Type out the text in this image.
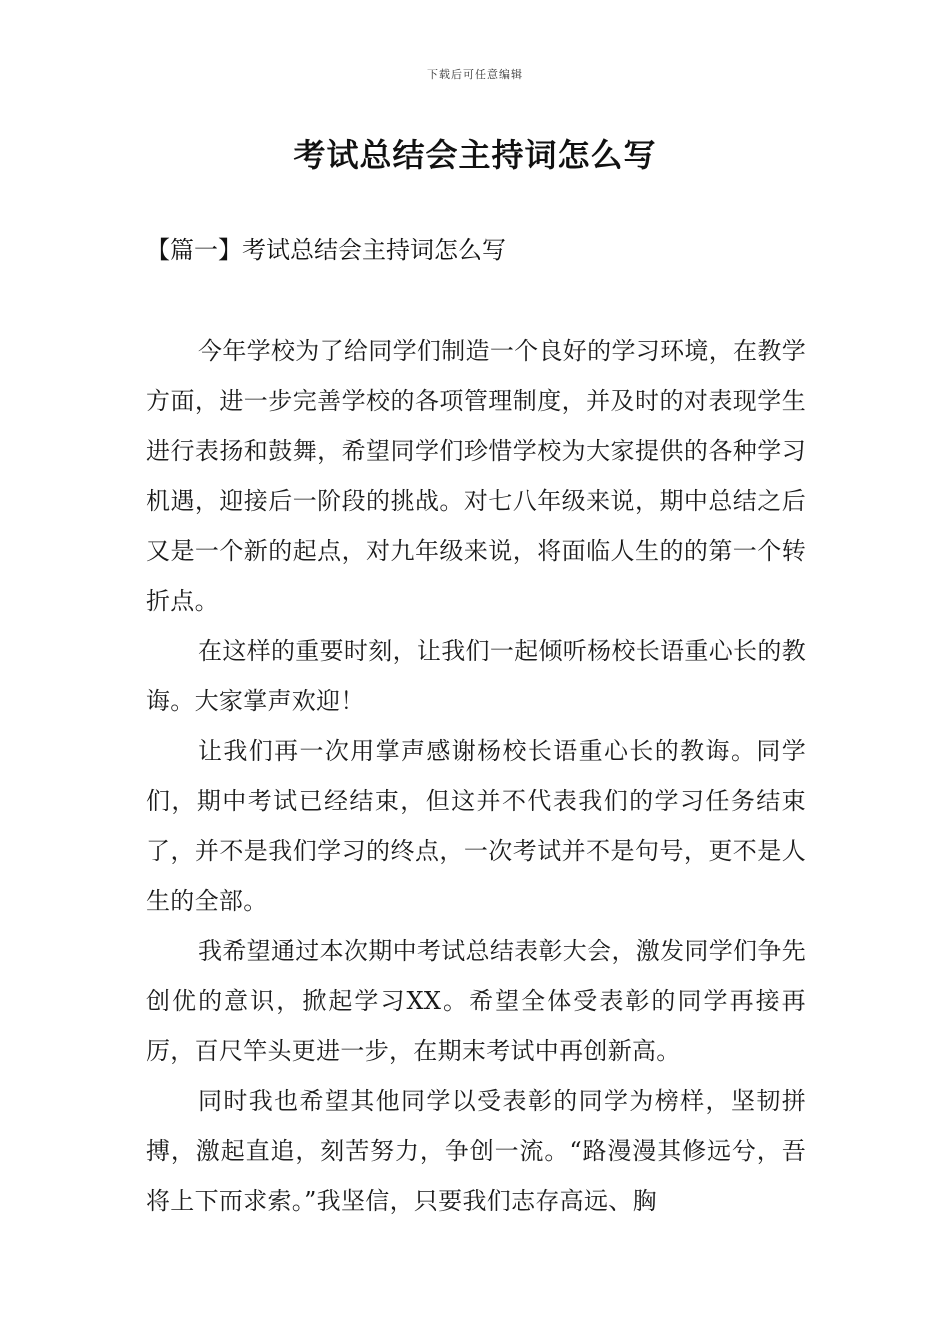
下载后可任意编辑
考试总结会主持词怎么写
【篇一】考试总结会主持词怎么写

今年学校为了给同学们制造一个良好的学习环境，在教学方面，进一步完善学校的各项管理制度，并及时的对表现学生进行表扬和鼓舞，希望同学们珍惜学校为大家提供的各种学习机遇，迎接后一阶段的挑战。对七八年级来说，期中总结之后又是一个新的起点，对九年级来说，将面临人生的的第一个转折点。

在这样的重要时刻，让我们一起倾听杨校长语重心长的教诲。大家掌声欢迎！

让我们再一次用掌声感谢杨校长语重心长的教诲。同学们，期中考试已经结束，但这并不代表我们的学习任务结束了，并不是我们学习的终点，一次考试并不是句号，更不是人生的全部。

我希望通过本次期中考试总结表彰大会，激发同学们争先创优的意识，掀起学习XX。希望全体受表彰的同学再接再厉，百尺竿头更进一步，在期末考试中再创新高。

同时我也希望其他同学以受表彰的同学为榜样，坚韧拼搏，激起直追，刻苦努力，争创一流。“路漫漫其修远兮，吾将上下而求索。”我坚信，只要我们志存高远、胸
